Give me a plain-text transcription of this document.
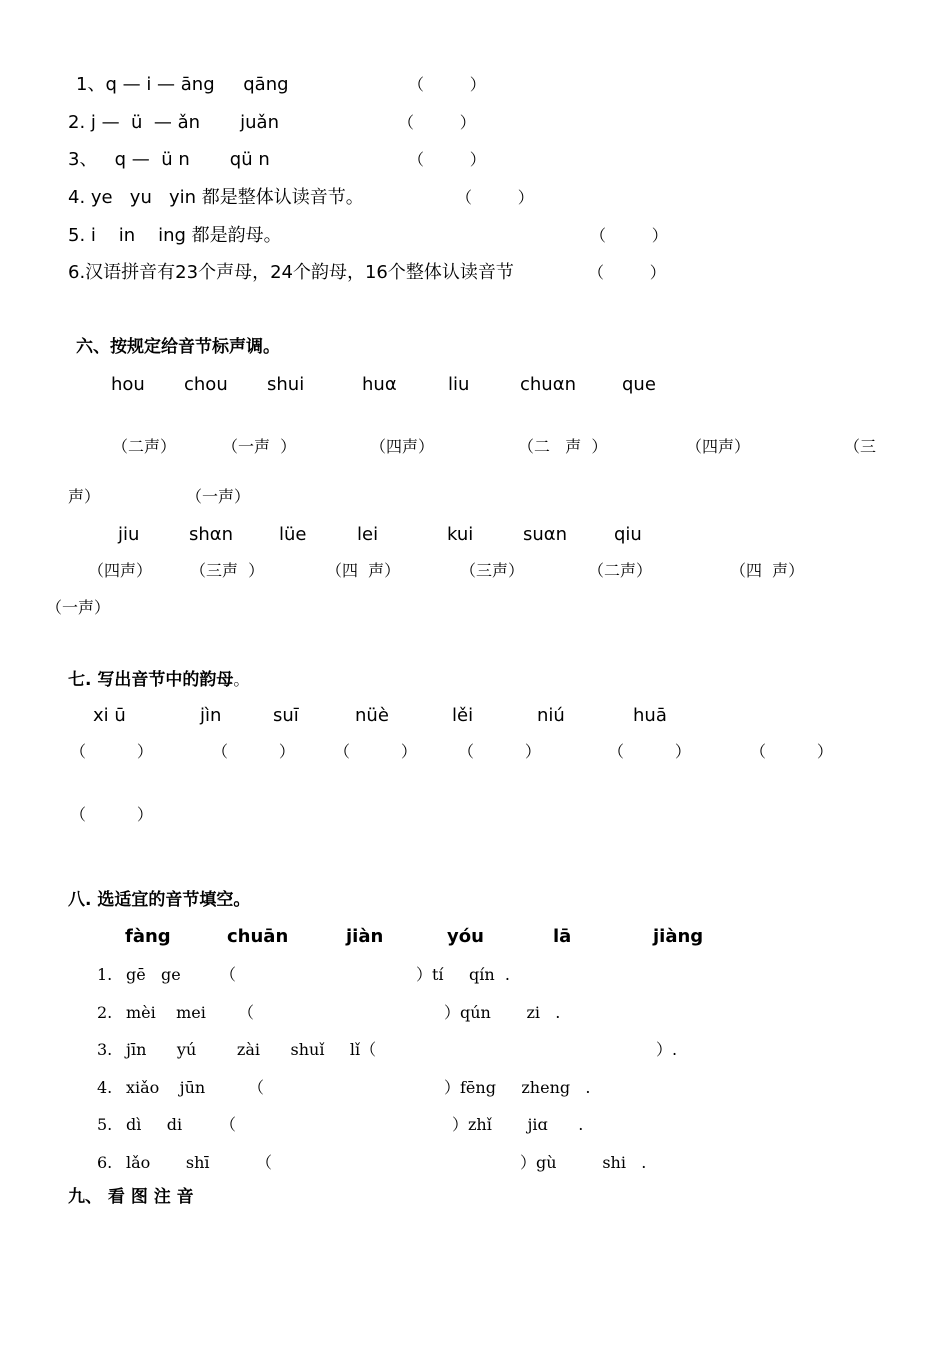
1、q — i — āng     qāng	（         ）
2. j —  ü  — ǎn       juǎn	（         ）
3、   q —  ü n       qü n	（         ）
4. ye   yu   yin 都是整体认读音节。	（         ）
5. i    in    ing 都是韵母。	（         ）
6.汉语拼音有23个声母，24个韵母，16个整体认读音节	（         ）
六、按规定给音节标声调。
hou chou shui	huα	liu	chuαn	que
（二声）	（一声  ）	（四声）	（二   声  ）	（四声）	（三
声）	（一声）
jiu	shαn	lüe	lei	kui	suαn	qiu
（四声） （三声  ）	（四  声）	（三声）	（二声）	（四  声）
（一声）
七. 写出音节中的韵母。
xi ū	jìn	suī	nüè	lěi	niú	huā
（          ）	（          ） （          ）	（          ）	（          ）	（          ）
（          ）
八. 选适宜的音节填空。
fàng	chuān	jiàn	yóu	lā	jiàng
1. gē   ge （	）tí     qín  .
2. mèi    mei （	）qún       zi   .
3. jīn      yú        zài      shuǐ     lǐ（	）.
4. xiǎo    jūn	（	）fēng     zheng   .
5. dì     di （	）zhǐ       jiɑ      .
6. lǎo       shī	（	）gù         shi   .
九、 看 图 注 音
